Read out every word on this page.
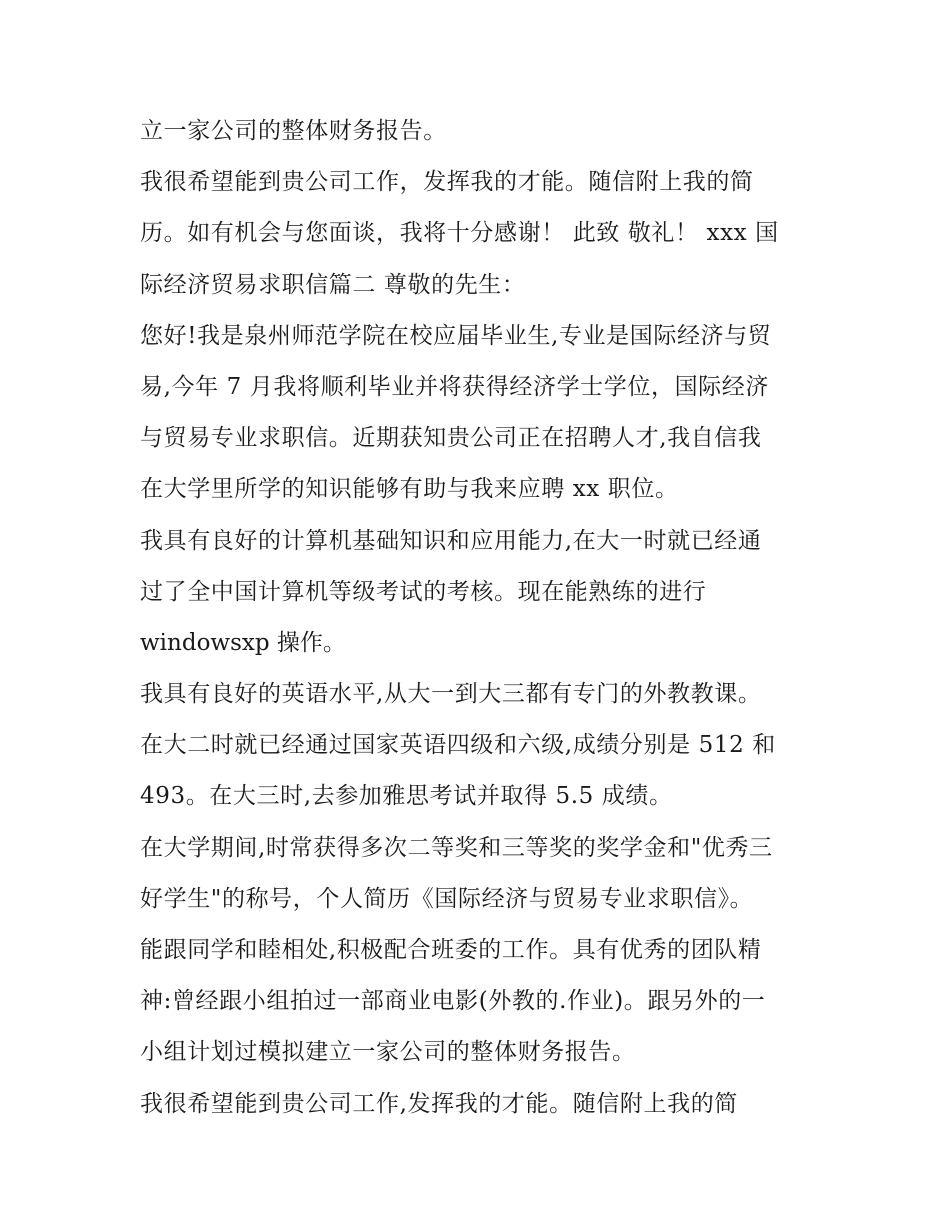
立一家公司的整体财务报告。
我很希望能到贵公司工作，发挥我的才能。随信附上我的简
历。如有机会与您面谈，我将十分感谢！ 此致 敬礼！ xxx 国
际经济贸易求职信篇二 尊敬的先生：
您好!我是泉州师范学院在校应届毕业生,专业是国际经济与贸
易,今年 7 月我将顺利毕业并将获得经济学士学位，国际经济
与贸易专业求职信。近期获知贵公司正在招聘人才,我自信我
在大学里所学的知识能够有助与我来应聘 xx 职位。
我具有良好的计算机基础知识和应用能力,在大一时就已经通
过了全中国计算机等级考试的考核。现在能熟练的进行
windowsxp 操作。
我具有良好的英语水平,从大一到大三都有专门的外教教课。
在大二时就已经通过国家英语四级和六级,成绩分别是 512 和
493。在大三时,去参加雅思考试并取得 5.5 成绩。
在大学期间,时常获得多次二等奖和三等奖的奖学金和"优秀三
好学生"的称号，个人简历《国际经济与贸易专业求职信》。
能跟同学和睦相处,积极配合班委的工作。具有优秀的团队精
神:曾经跟小组拍过一部商业电影(外教的.作业)。跟另外的一
小组计划过模拟建立一家公司的整体财务报告。
我很希望能到贵公司工作,发挥我的才能。随信附上我的简
